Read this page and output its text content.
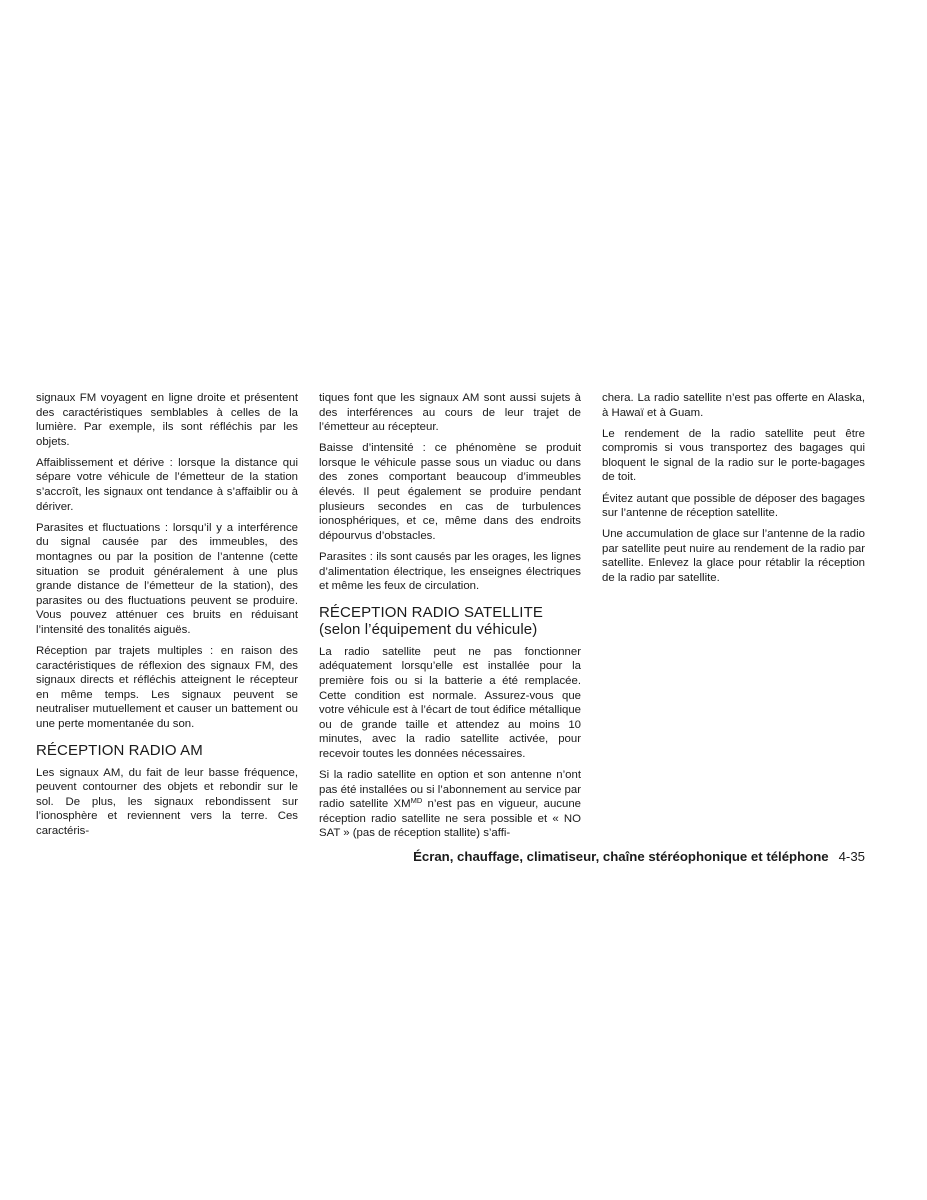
signaux FM voyagent en ligne droite et présentent des caractéristiques semblables à celles de la lumière. Par exemple, ils sont réfléchis par les objets.

Affaiblissement et dérive : lorsque la distance qui sépare votre véhicule de l’émetteur de la station s’accroît, les signaux ont tendance à s’affaiblir ou à dériver.

Parasites et fluctuations : lorsqu’il y a interférence du signal causée par des immeubles, des montagnes ou par la position de l’antenne (cette situation se produit généralement à une plus grande distance de l’émetteur de la station), des parasites ou des fluctuations peuvent se produire. Vous pouvez atténuer ces bruits en réduisant l’intensité des tonalités aiguës.

Réception par trajets multiples : en raison des caractéristiques de réflexion des signaux FM, des signaux directs et réfléchis atteignent le récepteur en même temps. Les signaux peuvent se neutraliser mutuellement et causer un battement ou une perte momentanée du son.

RÉCEPTION RADIO AM

Les signaux AM, du fait de leur basse fréquence, peuvent contourner des objets et rebondir sur le sol. De plus, les signaux rebondissent sur l’ionosphère et reviennent vers la terre. Ces caractéris-

tiques font que les signaux AM sont aussi sujets à des interférences au cours de leur trajet de l’émetteur au récepteur.

Baisse d’intensité : ce phénomène se produit lorsque le véhicule passe sous un viaduc ou dans des zones comportant beaucoup d’immeubles élevés. Il peut également se produire pendant plusieurs secondes en cas de turbulences ionosphériques, et ce, même dans des endroits dépourvus d’obstacles.

Parasites : ils sont causés par les orages, les lignes d’alimentation électrique, les enseignes électriques et même les feux de circulation.

RÉCEPTION RADIO SATELLITE
(selon l’équipement du véhicule)

La radio satellite peut ne pas fonctionner adéquatement lorsqu’elle est installée pour la première fois ou si la batterie a été remplacée. Cette condition est normale. Assurez-vous que votre véhicule est à l’écart de tout édifice métallique ou de grande taille et attendez au moins 10 minutes, avec la radio satellite activée, pour recevoir toutes les données nécessaires.

Si la radio satellite en option et son antenne n’ont pas été installées ou si l’abonnement au service par radio satellite $XM^{MD}$ n’est pas en vigueur, aucune réception radio satellite ne sera possible et « NO SAT » (pas de réception stallite) s’affi-

chera. La radio satellite n’est pas offerte en Alaska, à Hawaï et à Guam.

Le rendement de la radio satellite peut être compromis si vous transportez des bagages qui bloquent le signal de la radio sur le porte-bagages de toit.

Évitez autant que possible de déposer des bagages sur l’antenne de réception satellite.

Une accumulation de glace sur l’antenne de la radio par satellite peut nuire au rendement de la radio par satellite. Enlevez la glace pour rétablir la réception de la radio par satellite.

Écran, chauffage, climatiseur, chaîne stéréophonique et téléphone 4-35
